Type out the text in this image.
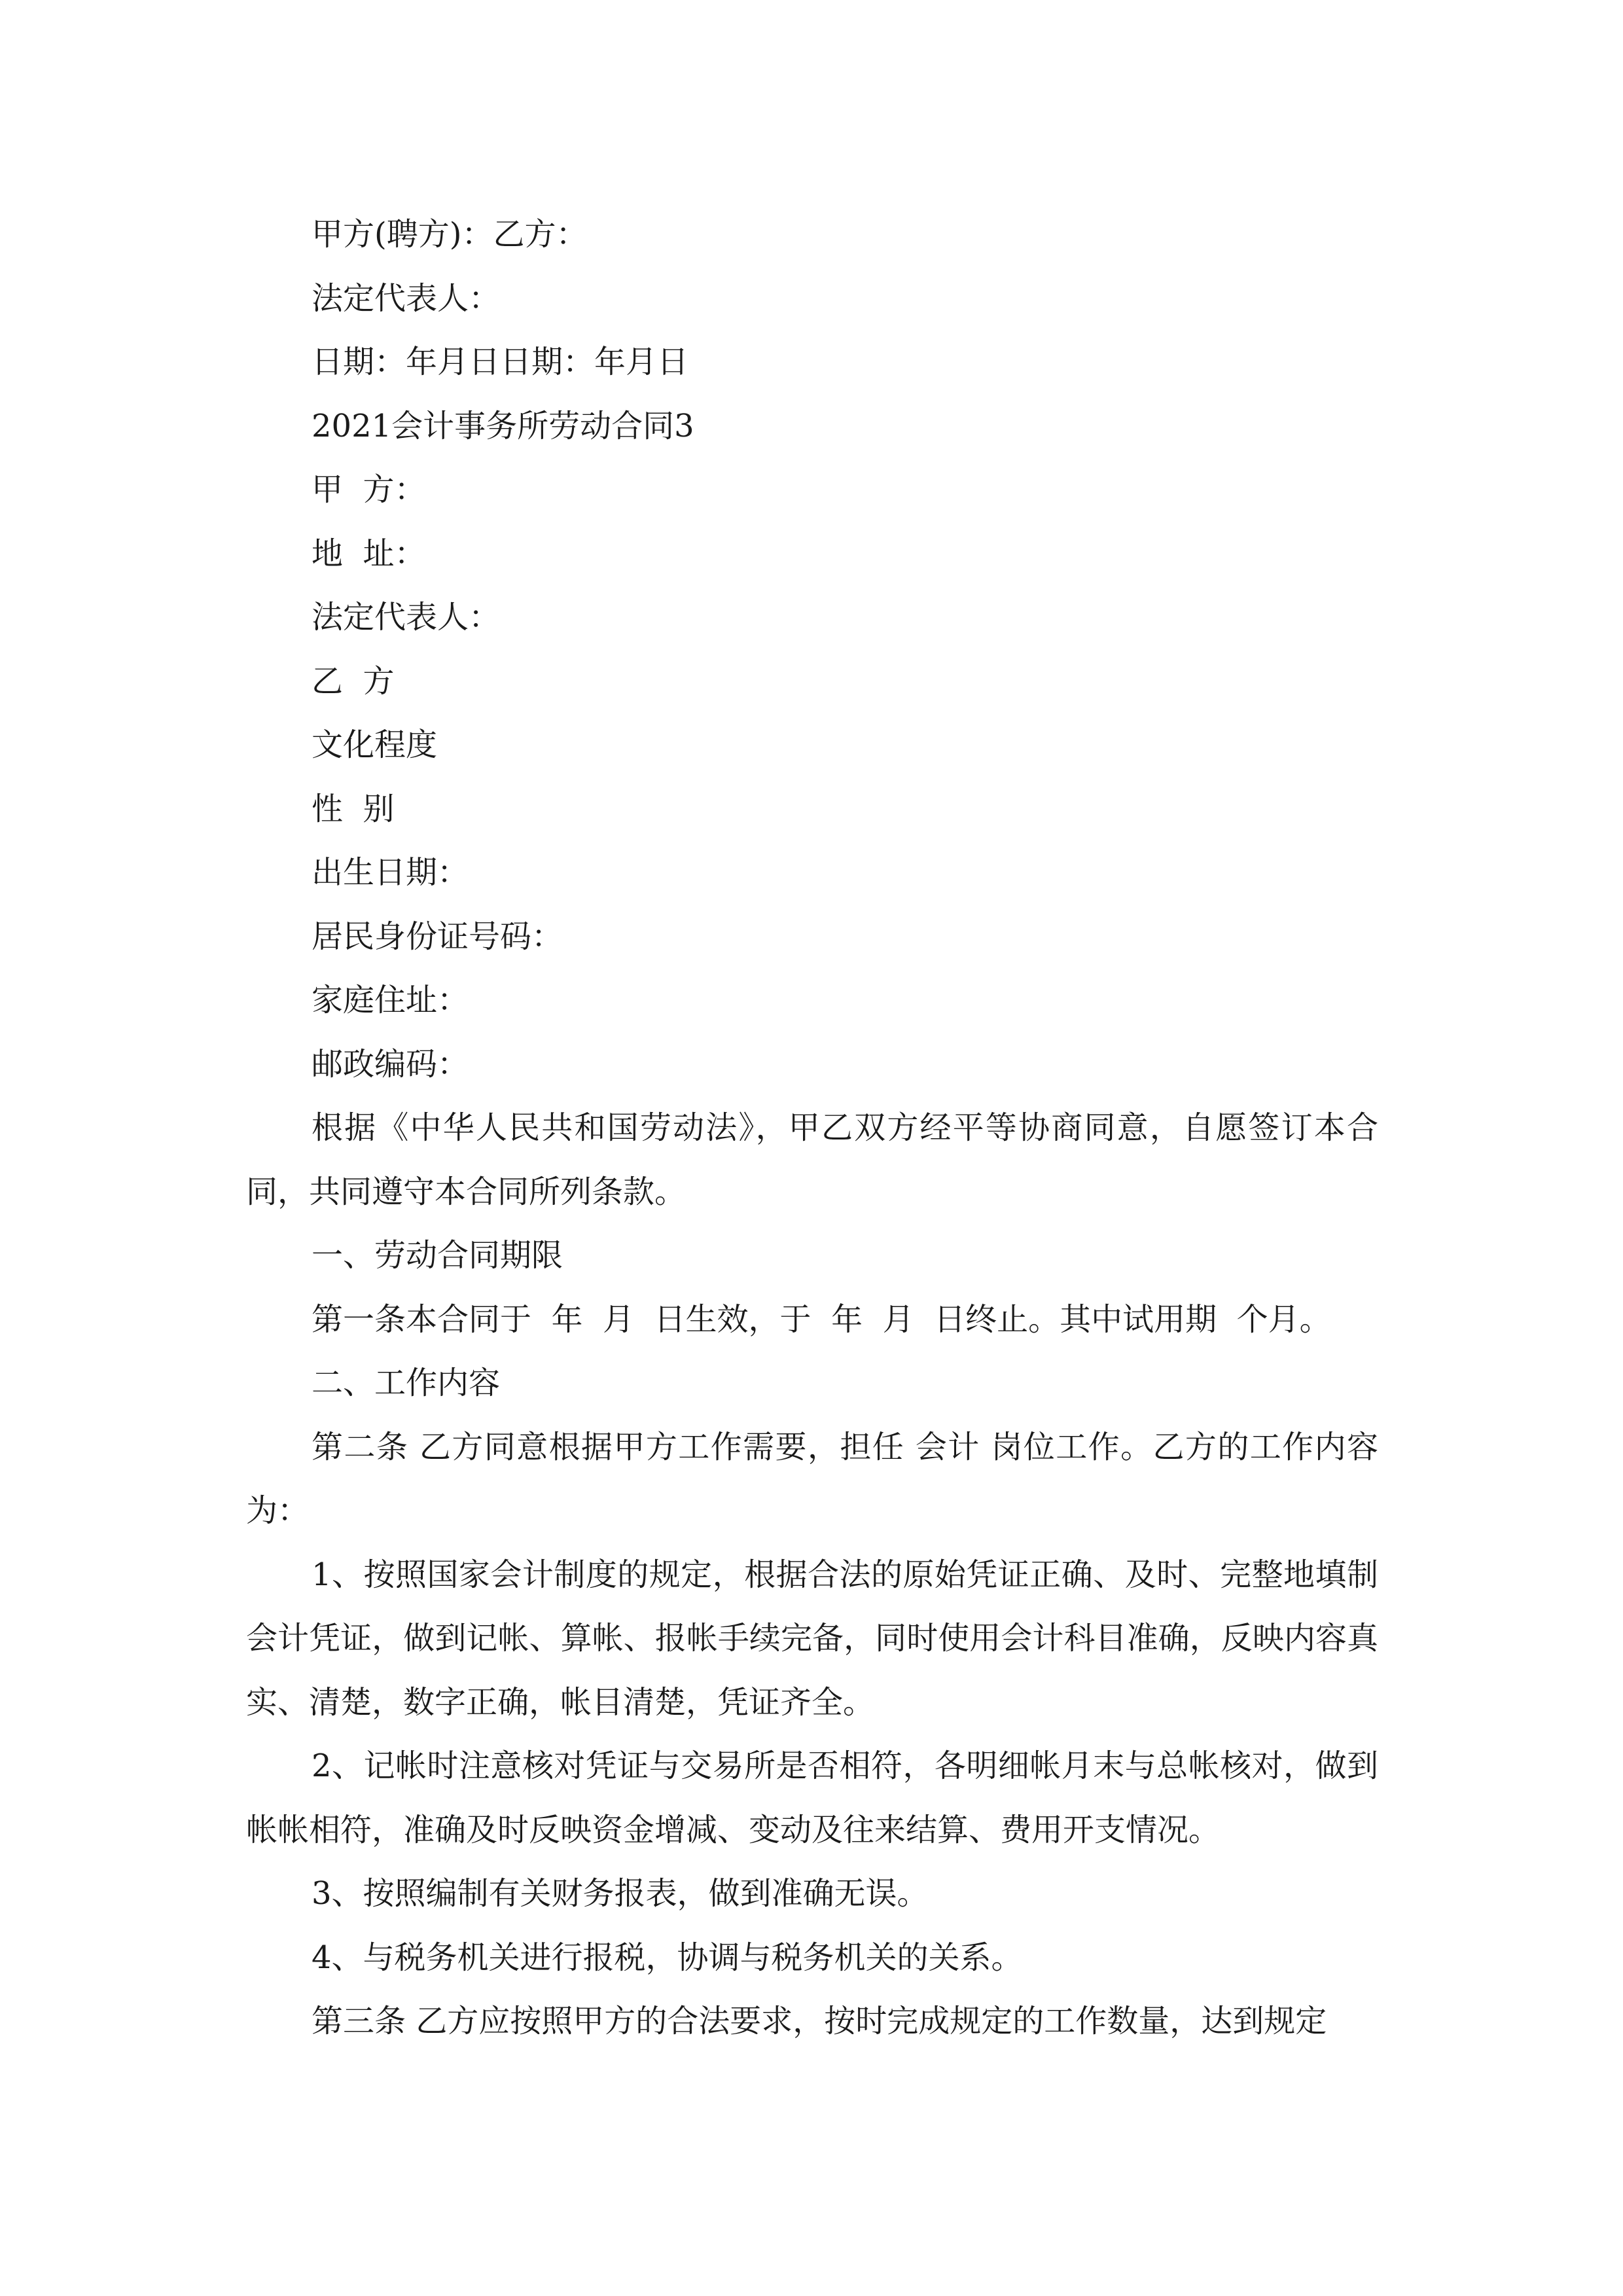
甲方(聘方)：乙方：
法定代表人：
日期：年月日日期：年月日
2021会计事务所劳动合同3
甲  方：
地  址：
法定代表人：
乙  方
文化程度
性  别
出生日期：
居民身份证号码：
家庭住址：
邮政编码：
根据《中华人民共和国劳动法》，甲乙双方经平等协商同意，自愿签订本合同，共同遵守本合同所列条款。
一、劳动合同期限
第一条本合同于  年  月  日生效，于  年  月  日终止。其中试用期  个月。
二、工作内容
第二条 乙方同意根据甲方工作需要，担任 会计 岗位工作。乙方的工作内容为：
1、按照国家会计制度的规定，根据合法的原始凭证正确、及时、完整地填制会计凭证，做到记帐、算帐、报帐手续完备，同时使用会计科目准确，反映内容真实、清楚，数字正确，帐目清楚，凭证齐全。
2、记帐时注意核对凭证与交易所是否相符，各明细帐月末与总帐核对，做到帐帐相符，准确及时反映资金增减、变动及往来结算、费用开支情况。
3、按照编制有关财务报表，做到准确无误。
4、与税务机关进行报税，协调与税务机关的关系。
第三条 乙方应按照甲方的合法要求，按时完成规定的工作数量，达到规定
